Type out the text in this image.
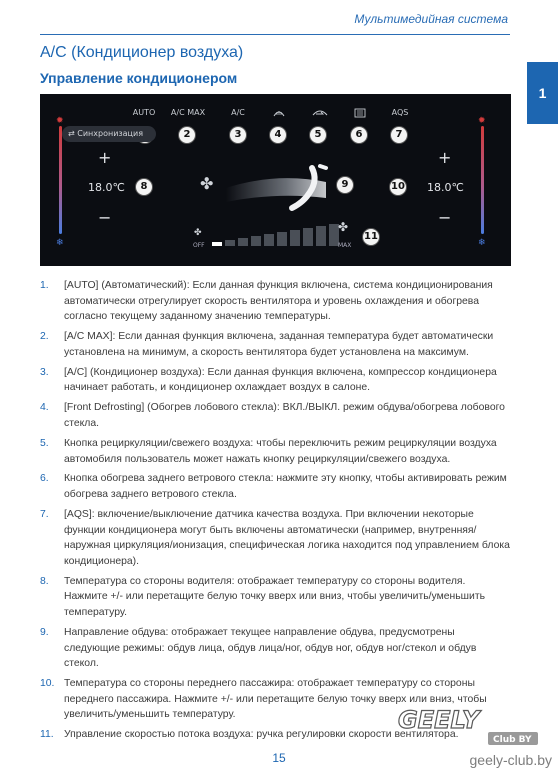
Мультимедийная система
1
A/C (Кондиционер воздуха)
Управление кондиционером
AUTO	A/C MAX	A/C	AQS
2	3	4	5	6	7
⇄ Синхронизация
✹
❄
+
18.0℃	8
−
✤	9
+
10 18.0℃
−
✹
❄
✤
OFF
11
✤
MAX
1. [AUTO] (Автоматический): Если данная функция включена, система кондиционирования автоматически отрегулирует скорость вентилятора и уровень охлаждения и обогрева согласно текущему заданному значению температуры.
2. [A/C MAX]: Если данная функция включена, заданная температура будет автоматически установлена на минимум, а скорость вентилятора будет установлена на максимум.
3. [A/C] (Кондиционер воздуха): Если данная функция включена, компрессор кондиционера начинает работать, и кондиционер охлаждает воздух в салоне.
4. [Front Defrosting] (Обогрев лобового стекла): ВКЛ./ВЫКЛ. режим обдува/обогрева лобового стекла.
5. Кнопка рециркуляции/свежего воздуха: чтобы переключить режим рециркуляции воздуха автомобиля пользователь может нажать кнопку рециркуляции/свежего воздуха.
6. Кнопка обогрева заднего ветрового стекла: нажмите эту кнопку, чтобы активировать режим обогрева заднего ветрового стекла.
7. [AQS]: включение/выключение датчика качества воздуха. При включении некоторые функции кондиционера могут быть включены автоматически (например, внутренняя/наружная циркуляция/ионизация, специфическая логика находится под управлением блока кондиционера).
8. Температура со стороны водителя: отображает температуру со стороны водителя. Нажмите +/- или перетащите белую точку вверх или вниз, чтобы увеличить/уменьшить температуру.
9. Направление обдува: отображает текущее направление обдува, предусмотрены следующие режимы: обдув лица, обдув лица/ног, обдув ног, обдув ног/стекол и обдув стекол.
10. Температура со стороны переднего пассажира: отображает температуру со стороны переднего пассажира. Нажмите +/- или перетащите белую точку вверх или вниз, чтобы увеличить/уменьшить температуру.
11. Управление скоростью потока воздуха: ручка регулировки скорости вентилятора.
15
GEELY
Club BY
geely-club.by
